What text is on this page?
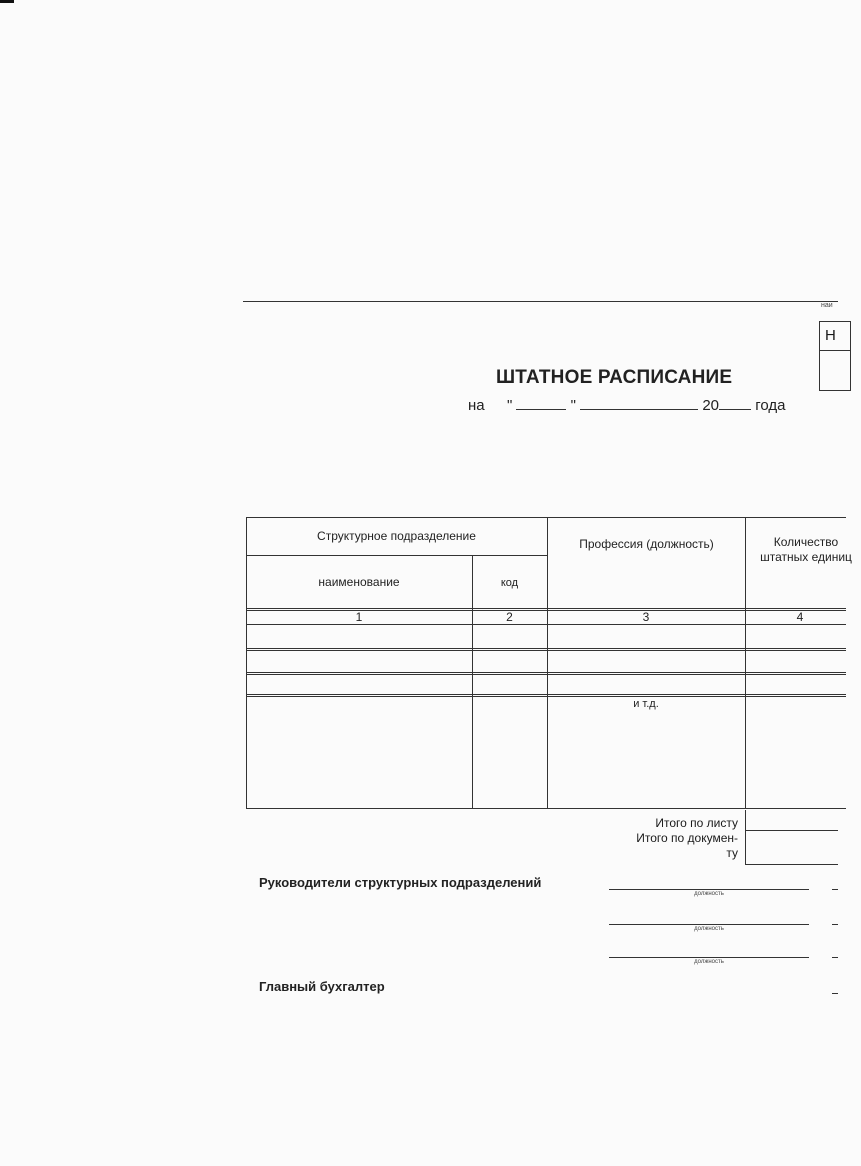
наи
Н
ШТАТНОЕ РАСПИСАНИЕ
на "	"	20 года
Структурное подразделение
наименование	код
Профессия (должность)	Количество штатных единиц
1	2	3	4
и т.д.
Итого по листу
Итого по докумен-
ту
Руководители структурных подразделений
должность
должность
должность
Главный бухгалтер
